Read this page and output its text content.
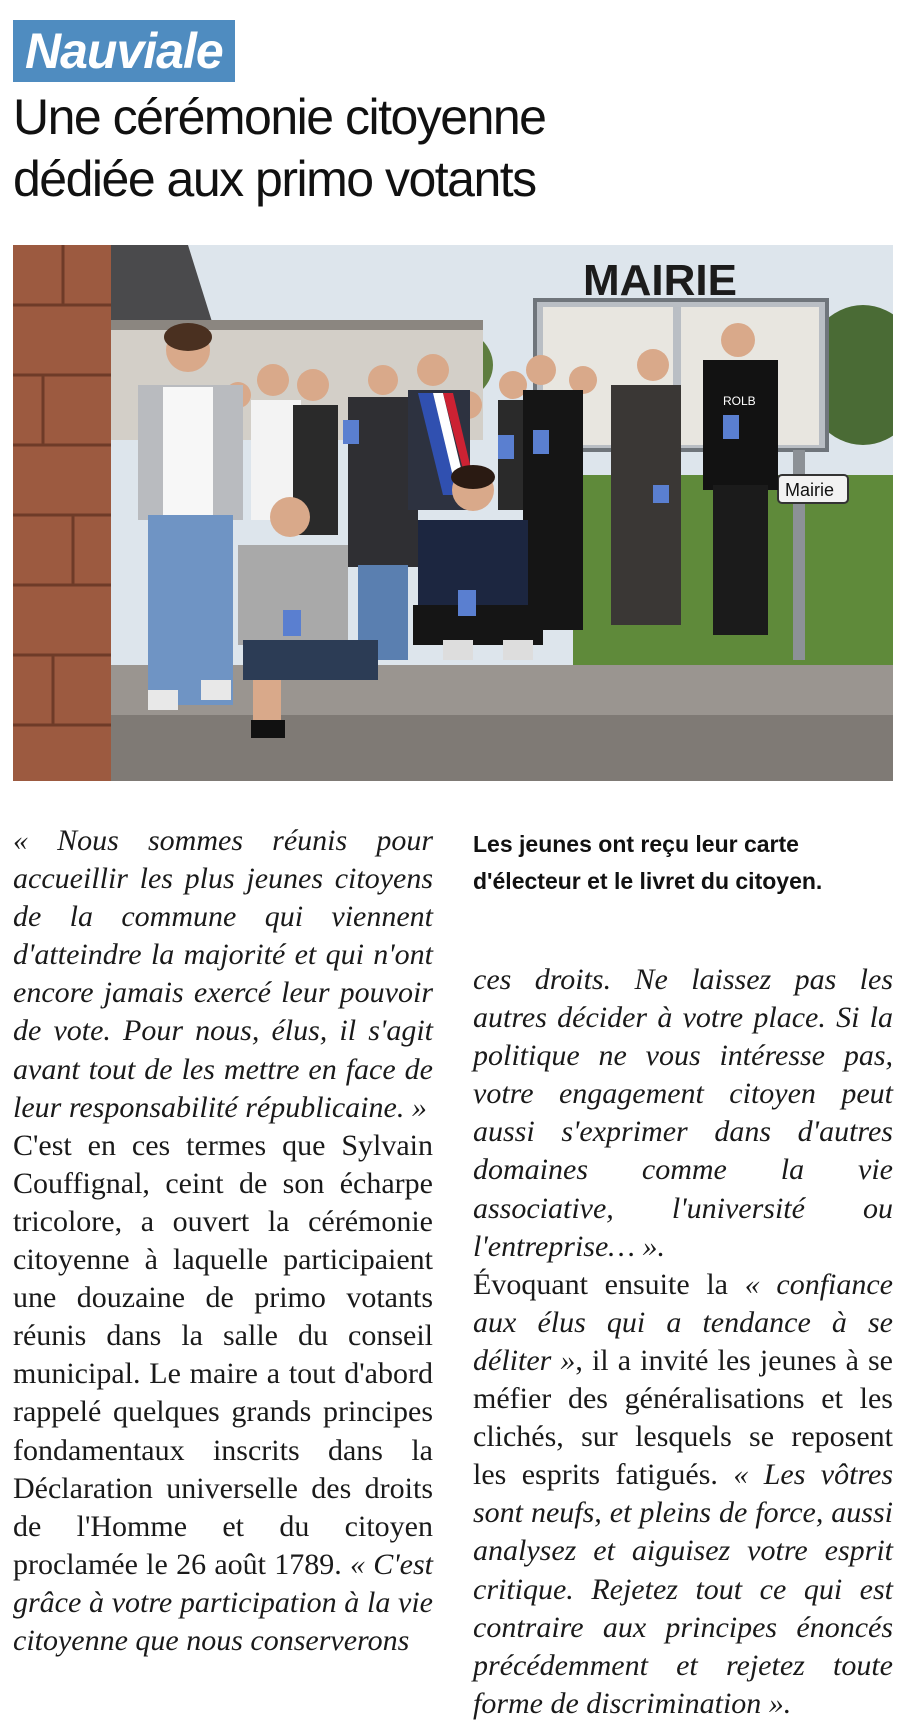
Nauviale
Une cérémonie citoyenne
dédiée aux primo votants
MAIRIE
Mairie
ROLB
Les jeunes ont reçu leur carte
d'électeur et le livret du citoyen.

« Nous sommes réunis pour accueillir les plus jeunes citoyens de la commune qui viennent d'atteindre la majorité et qui n'ont encore jamais exercé leur pouvoir de vote. Pour nous, élus, il s'agit avant tout de les mettre en face de leur responsabilité républicaine. »

C'est en ces termes que Sylvain Couffignal, ceint de son écharpe tricolore, a ouvert la cérémonie citoyenne à laquelle participaient une douzaine de primo votants réunis dans la salle du conseil municipal. Le maire a tout d'abord rappelé quelques grands principes fondamentaux inscrits dans la Déclaration universelle des droits de l'Homme et du citoyen proclamée le 26 août 1789. « C'est grâce à votre participation à la vie citoyenne que nous conserverons

ces droits. Ne laissez pas les autres décider à votre place. Si la politique ne vous intéresse pas, votre engagement citoyen peut aussi s'exprimer dans d'autres domaines comme la vie associative, l'université ou l'entreprise… ».

Évoquant ensuite la « confiance aux élus qui a tendance à se déliter », il a invité les jeunes à se méfier des généralisations et les clichés, sur lesquels se reposent les esprits fatigués. « Les vôtres sont neufs, et pleins de force, aussi analysez et aiguisez votre esprit critique. Rejetez tout ce qui est contraire aux principes énoncés précédemment et rejetez toute forme de discrimination ».
